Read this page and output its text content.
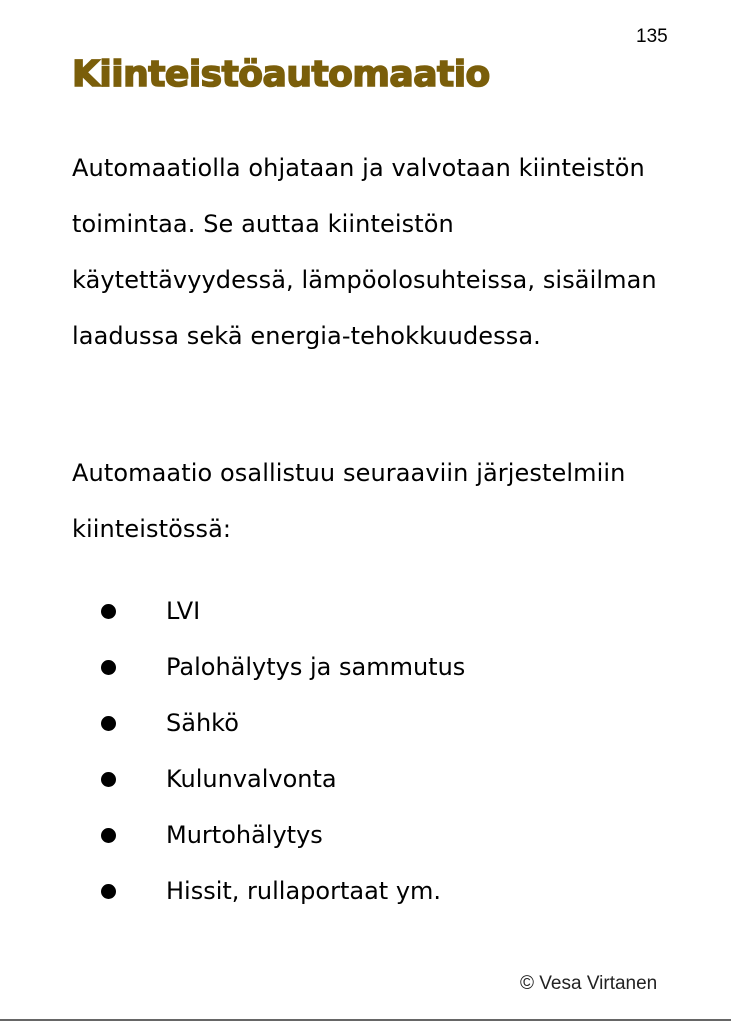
135
Kiinteistöautomaatio

Automaatiolla ohjataan ja valvotaan kiinteistön toimintaa. Se auttaa kiinteistön käytettävyydessä, lämpöolosuhteissa, sisäilman laadussa sekä energia-tehokkuudessa.

Automaatio osallistuu seuraaviin järjestelmiin kiinteistössä:

LVI
Palohälytys ja sammutus
Sähkö
Kulunvalvonta
Murtohälytys
Hissit, rullaportaat ym.
© Vesa Virtanen
